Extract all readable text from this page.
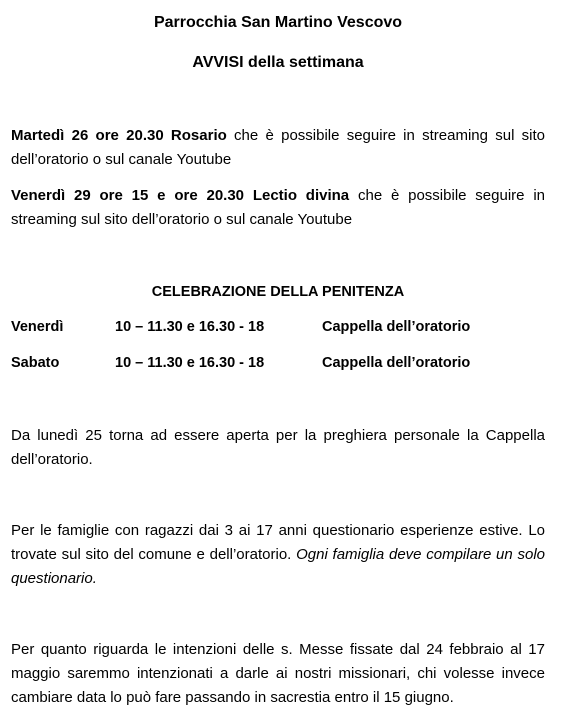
Parrocchia San Martino Vescovo
AVVISI della settimana
Martedì 26 ore 20.30 Rosario che è possibile seguire in streaming sul sito dell’oratorio o sul canale Youtube
Venerdì 29 ore 15 e ore 20.30 Lectio divina che è possibile seguire in streaming sul sito dell’oratorio o sul canale Youtube
CELEBRAZIONE DELLA PENITENZA
Venerdì	10 – 11.30 e 16.30 - 18	Cappella dell’oratorio
Sabato	10 – 11.30 e 16.30 - 18	Cappella dell’oratorio
Da lunedì 25 torna ad essere aperta per la preghiera personale la Cappella dell’oratorio.
Per le famiglie con ragazzi dai 3 ai 17 anni questionario esperienze estive. Lo trovate sul sito del comune e dell’oratorio. Ogni famiglia deve compilare un solo questionario.
Per quanto riguarda le intenzioni delle s. Messe fissate dal 24 febbraio al 17 maggio saremmo intenzionati a darle ai nostri missionari, chi volesse invece cambiare data lo può fare passando in sacrestia entro il 15 giugno.
